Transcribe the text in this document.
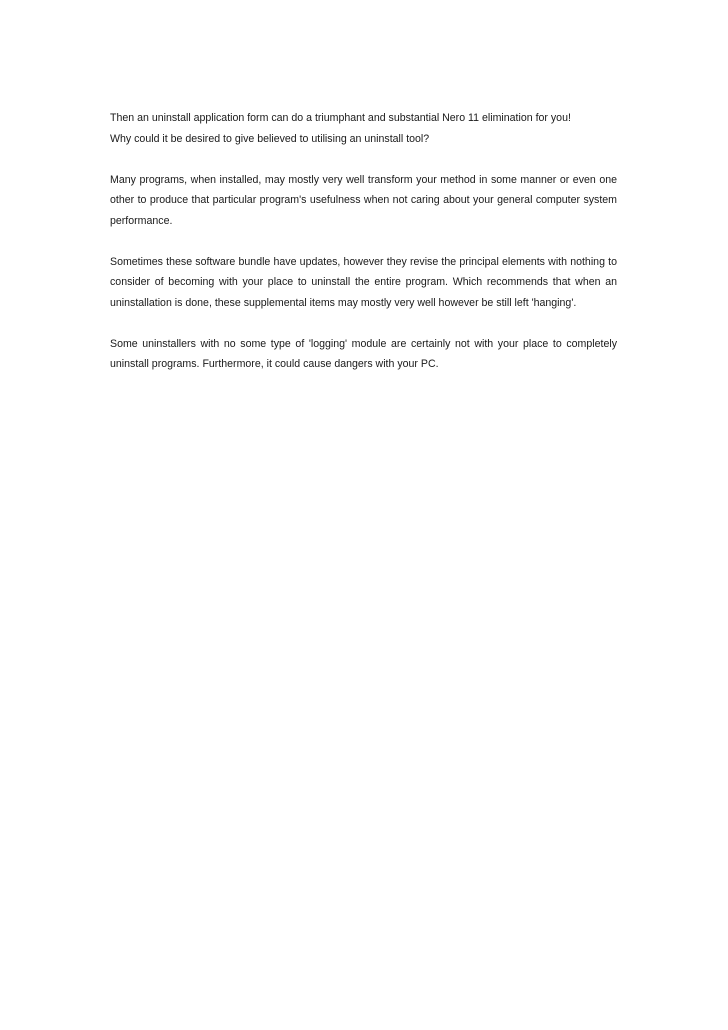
Then an uninstall application form can do a triumphant and substantial Nero 11 elimination for you!

Why could it be desired to give believed to utilising an uninstall tool?

Many programs, when installed, may mostly very well transform your method in some manner or even one other to produce that particular program's usefulness when not caring about your general computer system performance.

Sometimes these software bundle have updates, however they revise the principal elements with nothing to consider of becoming with your place to uninstall the entire program. Which recommends that when an uninstallation is done, these supplemental items may mostly very well however be still left 'hanging'.

Some uninstallers with no some type of 'logging' module are certainly not with your place to completely uninstall programs. Furthermore, it could cause dangers with your PC.
